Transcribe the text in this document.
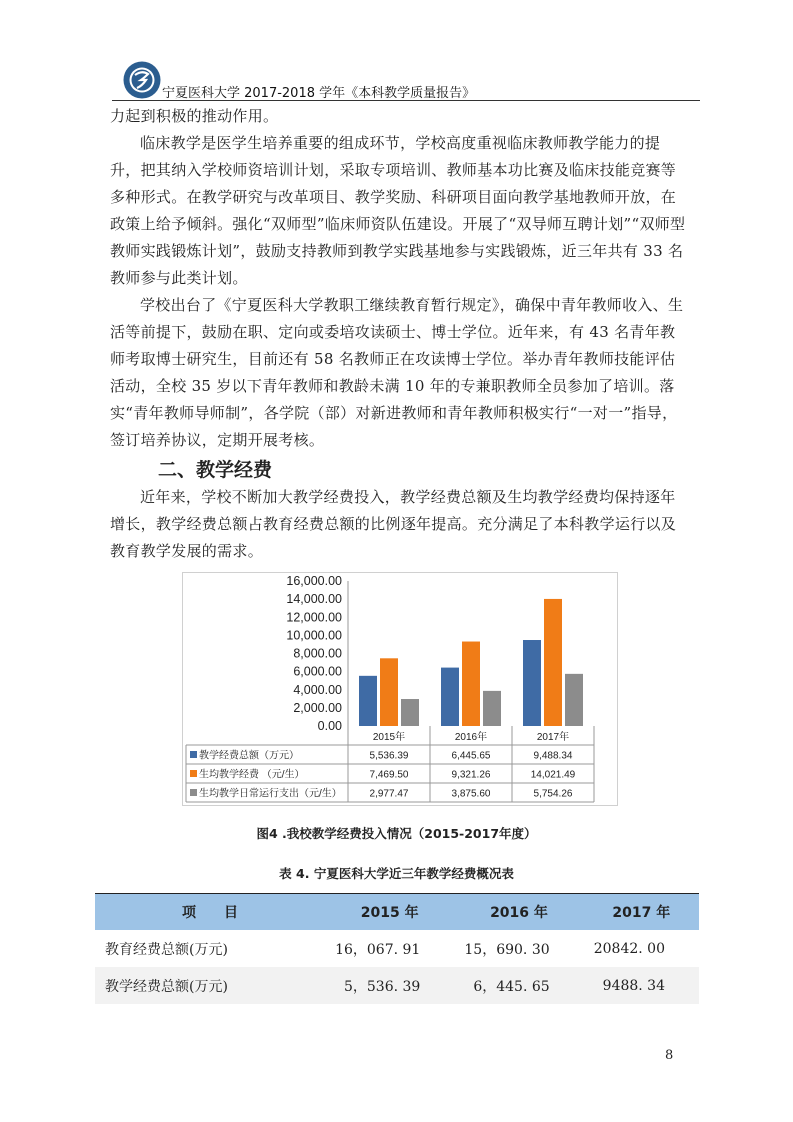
宁夏医科大学 2017-2018 学年《本科教学质量报告》
力起到积极的推动作用。
临床教学是医学生培养重要的组成环节，学校高度重视临床教师教学能力的提升，把其纳入学校师资培训计划，采取专项培训、教师基本功比赛及临床技能竞赛等多种形式。在教学研究与改革项目、教学奖励、科研项目面向教学基地教师开放，在政策上给予倾斜。强化“双师型”临床师资队伍建设。开展了“双导师互聘计划”“双师型教师实践锻炼计划”，鼓励支持教师到教学实践基地参与实践锻炼，近三年共有 33 名教师参与此类计划。
学校出台了《宁夏医科大学教职工继续教育暂行规定》，确保中青年教师收入、生活等前提下，鼓励在职、定向或委培攻读硕士、博士学位。近年来，有 43 名青年教师考取博士研究生，目前还有 58 名教师正在攻读博士学位。举办青年教师技能评估活动，全校 35 岁以下青年教师和教龄未满 10 年的专兼职教师全员参加了培训。落实“青年教师导师制”，各学院（部）对新进教师和青年教师积极实行“一对一”指导，签订培养协议，定期开展考核。
二、教学经费
近年来，学校不断加大教学经费投入，教学经费总额及生均教学经费均保持逐年增长，教学经费总额占教育经费总额的比例逐年提高。充分满足了本科教学运行以及教育教学发展的需求。
0.00
2,000.00
4,000.00
6,000.00
8,000.00
10,000.00
12,000.00
14,000.00
16,000.00
2015年	2016年	2017年
教学经费总额（万元）	5,536.39	6,445.65	9,488.34
生均教学经费 （元/生）	7,469.50	9,321.26	14,021.49
生均教学日常运行支出（元/生）	2,977.47	3,875.60	5,754.26
图4 .我校教学经费投入情况（2015-2017年度）
表 4. 宁夏医科大学近三年教学经费概况表
项　　目	2015 年	2016 年	2017 年
教育经费总额(万元)	16，067. 91	15，690. 30	20842. 00
教学经费总额(万元)	5，536. 39	6，445. 65	9488. 34
8
